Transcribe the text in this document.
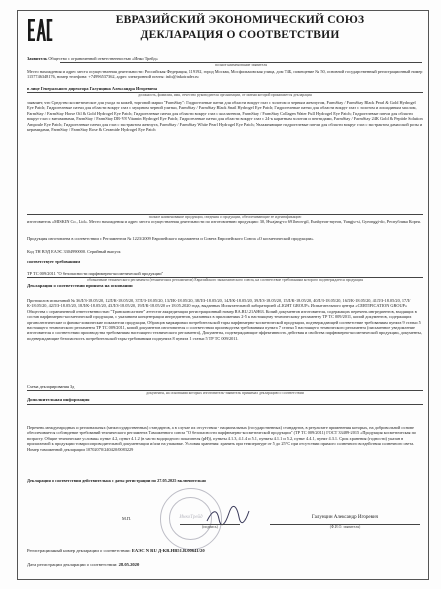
ЕВРАЗИЙСКИЙ ЭКОНОМИЧЕСКИЙ СОЮЗ
ДЕКЛАРАЦИЯ О СООТВЕТСТВИИ
Заявитель Общество с ограниченной ответственностью «Инко Трейд»
полное наименование заявителя
Место нахождения и адрес места осуществления деятельности: Российская Федерация, 119192, город Москва, Мосфильмовская улица, дом 74Б, помещение № 50, основной государственный регистрационный номер 1157746348176, номер телефона: +74996537362, адрес электронной почты: info@inkotrader.ru
в лице Генерального директора Галунцина Александра Игоревича
должность, фамилия, имя, отчество руководителя организации, от имени которой принимается декларация
заявляет, что Средство косметическое для ухода за кожей, торговой марки "FarmStay": Гидрогелевые патчи для области вокруг глаз с золотом и черным жемчугом, FarmStay / FarmStay Black Pearl & Gold Hydrogel Eye Patch; Гидрогелевые патчи для области вокруг глаз с муцином черной улитки, FarmStay / FarmStay Black Snail Hydrogel Eye Patch; Гидрогелевые патчи для области вокруг глаз с золотом и лошадиным маслом, FarmStay / FarmStay Horse Oil & Gold Hydrogel Eye Patch; Гидрогелевые патчи для области вокруг глаз с коллагеном, FarmStay / FarmStay Collagen Water Full Hydrogel Eye Patch; Гидрогелевые патчи для области вокруг глаз с витаминами, FarmStay / FarmStay DR-V8 Vitamin Hydrogel Eye Patch; Гидрогелевые патчи для области вокруг глаз с 24-к каратным золотом и пептидами, FarmStay / FarmStay 24K Gold & Peptide Solution Ampoule Eye Patch; Гидрогелевые патчи для глаз с экстрактом жемчуга, FarmStay / FarmStay White Pearl Hydrogel Eye Patch; Увлажняющие гидрогелевые патчи для области вокруг глаз с экстрактом дамасской розы и керамидами, FarmStay / FarmStay Rose & Ceramide Hydrogel Eye Patch
полное наименование продукции, сведения о продукции, обеспечивающие ее идентификацию
изготовитель «MISKIN Co., Ltd». Место нахождения и адрес места осуществления деятельности по изготовлению продукции: 30, Hwajang-ro 691beon-gil, Eunbyeon-myeon, Yangju-si, Gyeonggi-do, Республика Корея.
Продукция изготовлена в соответствии с Регламентом № 1223/2009 Европейского парламента и Совета Европейского Союза «О косметической продукции».
Код ТН ВЭД ЕАЭС 3304990000. Серийный выпуск
соответствует требованиям
ТР ТС 009/2011 "О безопасности парфюмерно-косметической продукции"
обозначение технического регламента (технических регламентов) Евразийского экономического союза, на соответствие требованиям которого подтверждается продукция
Декларация о соответствии принята на основании
Протоколов испытаний № 36Л/З-18.05/20, 12Л/К-18.05/20, 37Л/З-18.05/20, 13Л/К-18.05/20, 38Л/З-18.05/20, 14Л/К-18.05/20, 39Л/З-18.05/20, 15Л/К-18.05/20, 40Л/З-18.05/20, 16Л/К-18.05/20, 41Л/З-18.05/20, 17Л/К-18.05/20, 42Л/З-18.05/20, 18Л/К-18.05/20, 43Л/З-18.05/20, 19Л/К-18.05/20 от 18.05.2020 года, выданных Испытательной лабораторией «LIGHT GROUP» Испытательного центра «CERTIFICATION GROUP» Общества с ограниченной ответственностью "Трансконсалтинг" аттестат аккредитации регистрационный номер RA.RU.21АН63. Копий документов изготовителя, содержащих перечень ингредиентов, входящих в состав парфюмерно-косметической продукции, с указанием концентрации ингредиентов, указанных в приложениях 2-5 к настоящему техническому регламенту ТР ТС 009/2011, копий документов, содержащих органолептические и физико-химические показатели продукции, Образцов маркировки потребительской тары парфюмерно-косметической продукции, подтверждающей соответствие требованиям пункта 9 статьи 5 настоящего технического регламента ТР ТС 009/2011, копий документов изготовителя о соответствии производства требованиям пункта 7 статьи 5 настоящего технического регламента (письменное уведомление изготовителя о соответствии производства требованиям настоящего технического регламента), Документы, подтверждающие эффективность действия и свойства парфюмерно-косметической продукции, документы, подтверждающие безопасность потребительской тары требованиям подпункта 8 пункта 1 статьи 5 ТР ТС 009/2011.
Схема декларирования 3д
документы, на основании которых изготовитель-заявитель принимал декларацию о соответствии
Дополнительная информация
Перечень международных и региональных (межгосударственных) стандартов, а в случае их отсутствия - национальных (государственных) стандартов, в результате применения которых, на добровольной основе обеспечивается соблюдение требований технического регламента Таможенного союза "О безопасности парфюмерно-косметической продукции" (ТР ТС 009/2011) ГОСТ 33489-2015 «Продукция косметическая по возрасту. Общие технические условия» пункт 4.2, пункт 4.1.2 (в части водородного показателя (рН)), пункты 4.1.3, 4.1.4 и 5.1, пункты 4.1.1 и 5.2, пункт 4.4.1, пункт 4.3.1. Срок хранения (годности) указан в прилагаемой к продукции товаросопроводительной документации и/или на упаковке. Условия хранения: хранить при температуре от 5 до 25°С при отсутствии прямого солнечного воздействия солнечного света. Номер таможенной декларации 10702070/240420/0083229
Декларация о соответствии действительна с даты регистрации по 27.05.2025 включительно
ИнкоТрейд
М.П.
(подпись)
Галунцин Александр Игоревич
(Ф.И.О. заявителя)
Регистрационный номер декларации о соответствии: ЕАЭС N RU Д-KR.НВ51.В.00641/20
Дата регистрации декларации о соответствии: 28.05.2020
